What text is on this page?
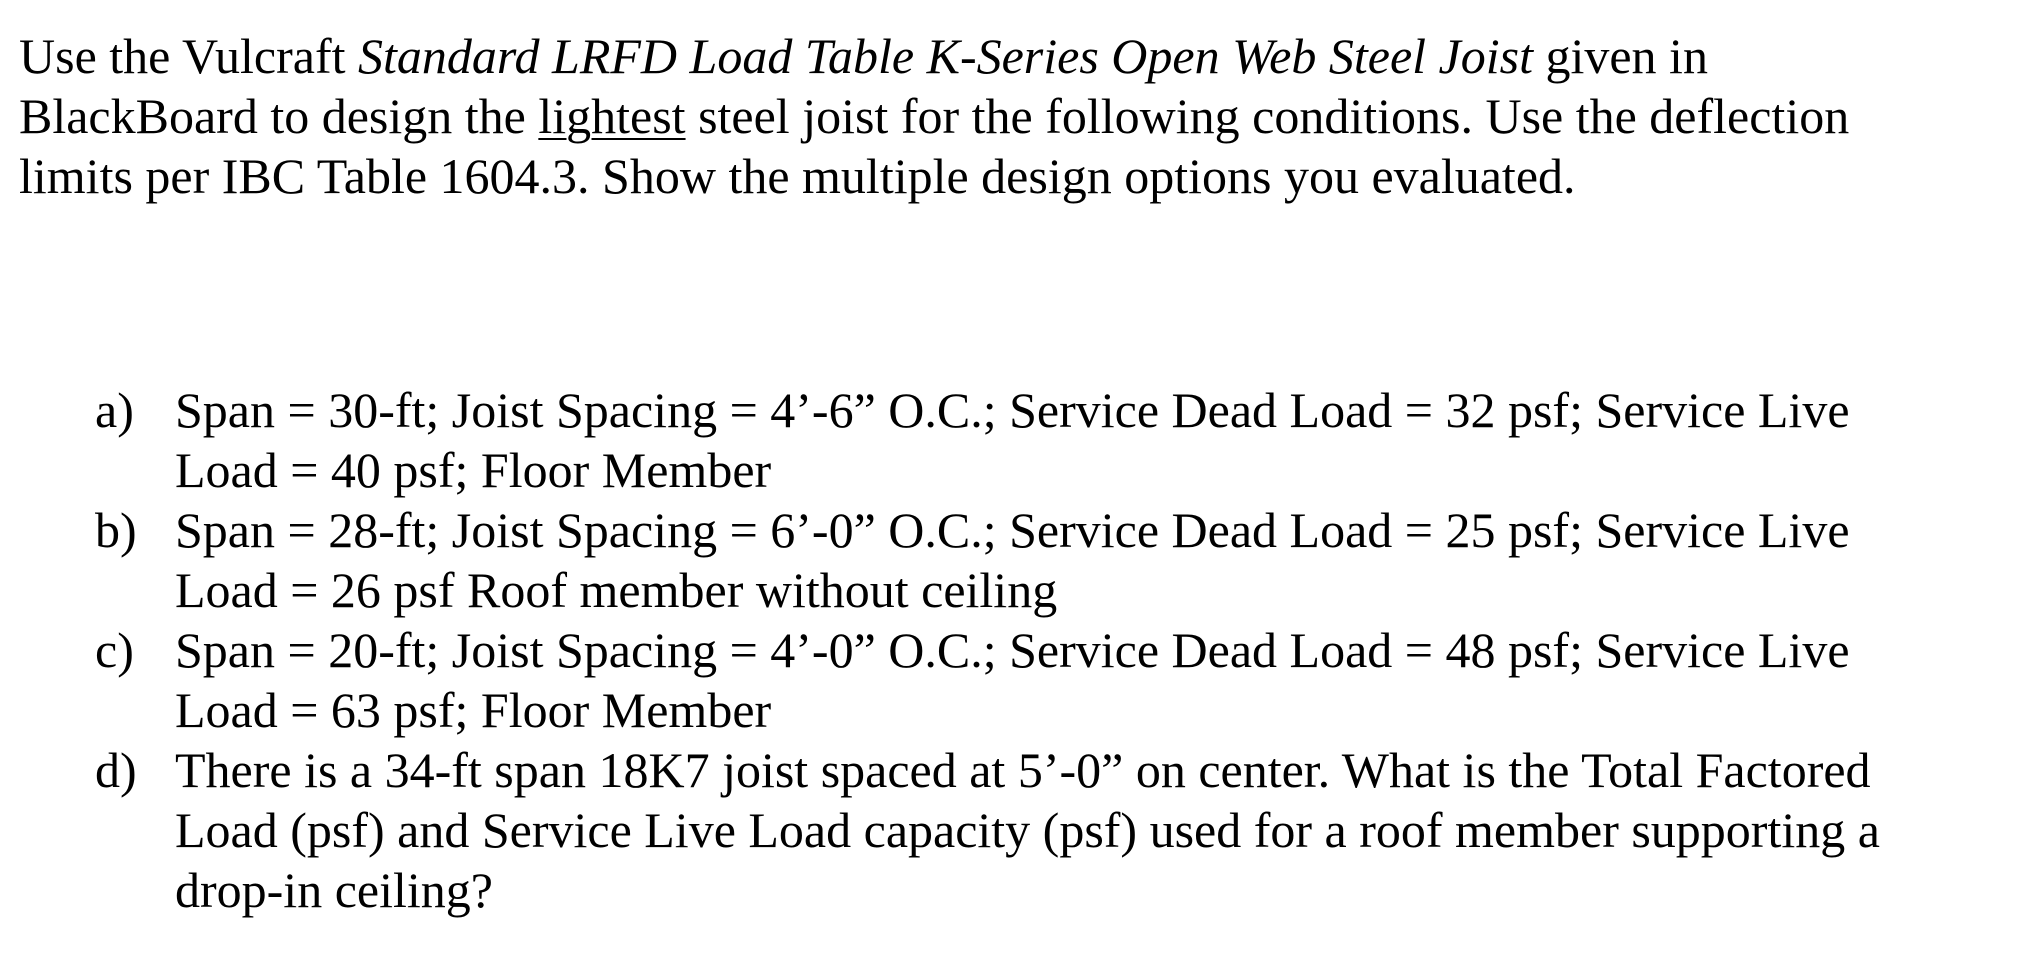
Use the Vulcraft Standard LRFD Load Table K-Series Open Web Steel Joist given in
BlackBoard to design the lightest steel joist for the following conditions. Use the deflection
limits per IBC Table 1604.3. Show the multiple design options you evaluated.

a) Span = 30-ft; Joist Spacing = 4’-6” O.C.; Service Dead Load = 32 psf; Service Live
Load = 40 psf; Floor Member
b) Span = 28-ft; Joist Spacing = 6’-0” O.C.; Service Dead Load = 25 psf; Service Live
Load = 26 psf Roof member without ceiling
c) Span = 20-ft; Joist Spacing = 4’-0” O.C.; Service Dead Load = 48 psf; Service Live
Load = 63 psf; Floor Member
d) There is a 34-ft span 18K7 joist spaced at 5’-0” on center. What is the Total Factored
Load (psf) and Service Live Load capacity (psf) used for a roof member supporting a
drop-in ceiling?
